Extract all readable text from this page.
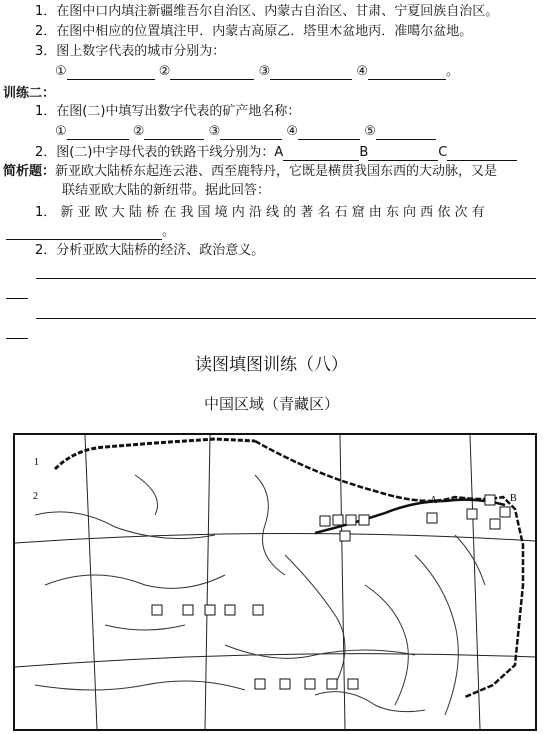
1．在图中口内填注新疆维吾尔自治区、内蒙古自治区、甘肃、宁夏回族自治区。
2．在图中相应的位置填注甲．内蒙古高原乙．塔里木盆地丙．准噶尔盆地。
3．图上数字代表的城市分别为：
①	②	③	④	。
训练二：
1．在图(二)中填写出数字代表的矿产地名称：
①	②	③	④	⑤
2．图(二)中字母代表的铁路干线分别为：A	B	C
简析题：新亚欧大陆桥东起连云港、西至鹿特丹，它既是横贯我国东西的大动脉，又是
联结亚欧大陆的新纽带。据此回答：
1． 新 亚 欧 大 陆 桥 在 我 国 境 内 沿 线 的 著 名 石 窟 由 东 向 西 依 次 有
。
2．分析亚欧大陆桥的经济、政治意义。
读图填图训练（八）
中国区域（青藏区）
1
2	A	B
